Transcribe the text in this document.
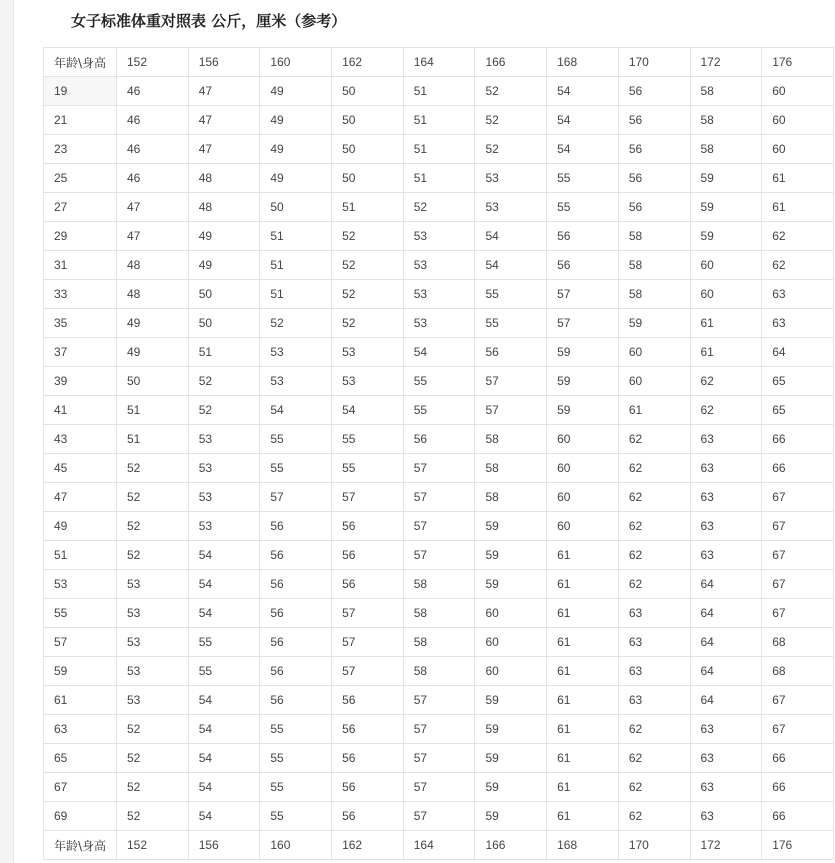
女子标准体重对照表 公斤，厘米（参考）
年龄\身高	152	156	160	162	164	166	168	170	172	176
19	46	47	49	50	51	52	54	56	58	60
21	46	47	49	50	51	52	54	56	58	60
23	46	47	49	50	51	52	54	56	58	60
25	46	48	49	50	51	53	55	56	59	61
27	47	48	50	51	52	53	55	56	59	61
29	47	49	51	52	53	54	56	58	59	62
31	48	49	51	52	53	54	56	58	60	62
33	48	50	51	52	53	55	57	58	60	63
35	49	50	52	52	53	55	57	59	61	63
37	49	51	53	53	54	56	59	60	61	64
39	50	52	53	53	55	57	59	60	62	65
41	51	52	54	54	55	57	59	61	62	65
43	51	53	55	55	56	58	60	62	63	66
45	52	53	55	55	57	58	60	62	63	66
47	52	53	57	57	57	58	60	62	63	67
49	52	53	56	56	57	59	60	62	63	67
51	52	54	56	56	57	59	61	62	63	67
53	53	54	56	56	58	59	61	62	64	67
55	53	54	56	57	58	60	61	63	64	67
57	53	55	56	57	58	60	61	63	64	68
59	53	55	56	57	58	60	61	63	64	68
61	53	54	56	56	57	59	61	63	64	67
63	52	54	55	56	57	59	61	62	63	67
65	52	54	55	56	57	59	61	62	63	66
67	52	54	55	56	57	59	61	62	63	66
69	52	54	55	56	57	59	61	62	63	66
年龄\身高	152	156	160	162	164	166	168	170	172	176
